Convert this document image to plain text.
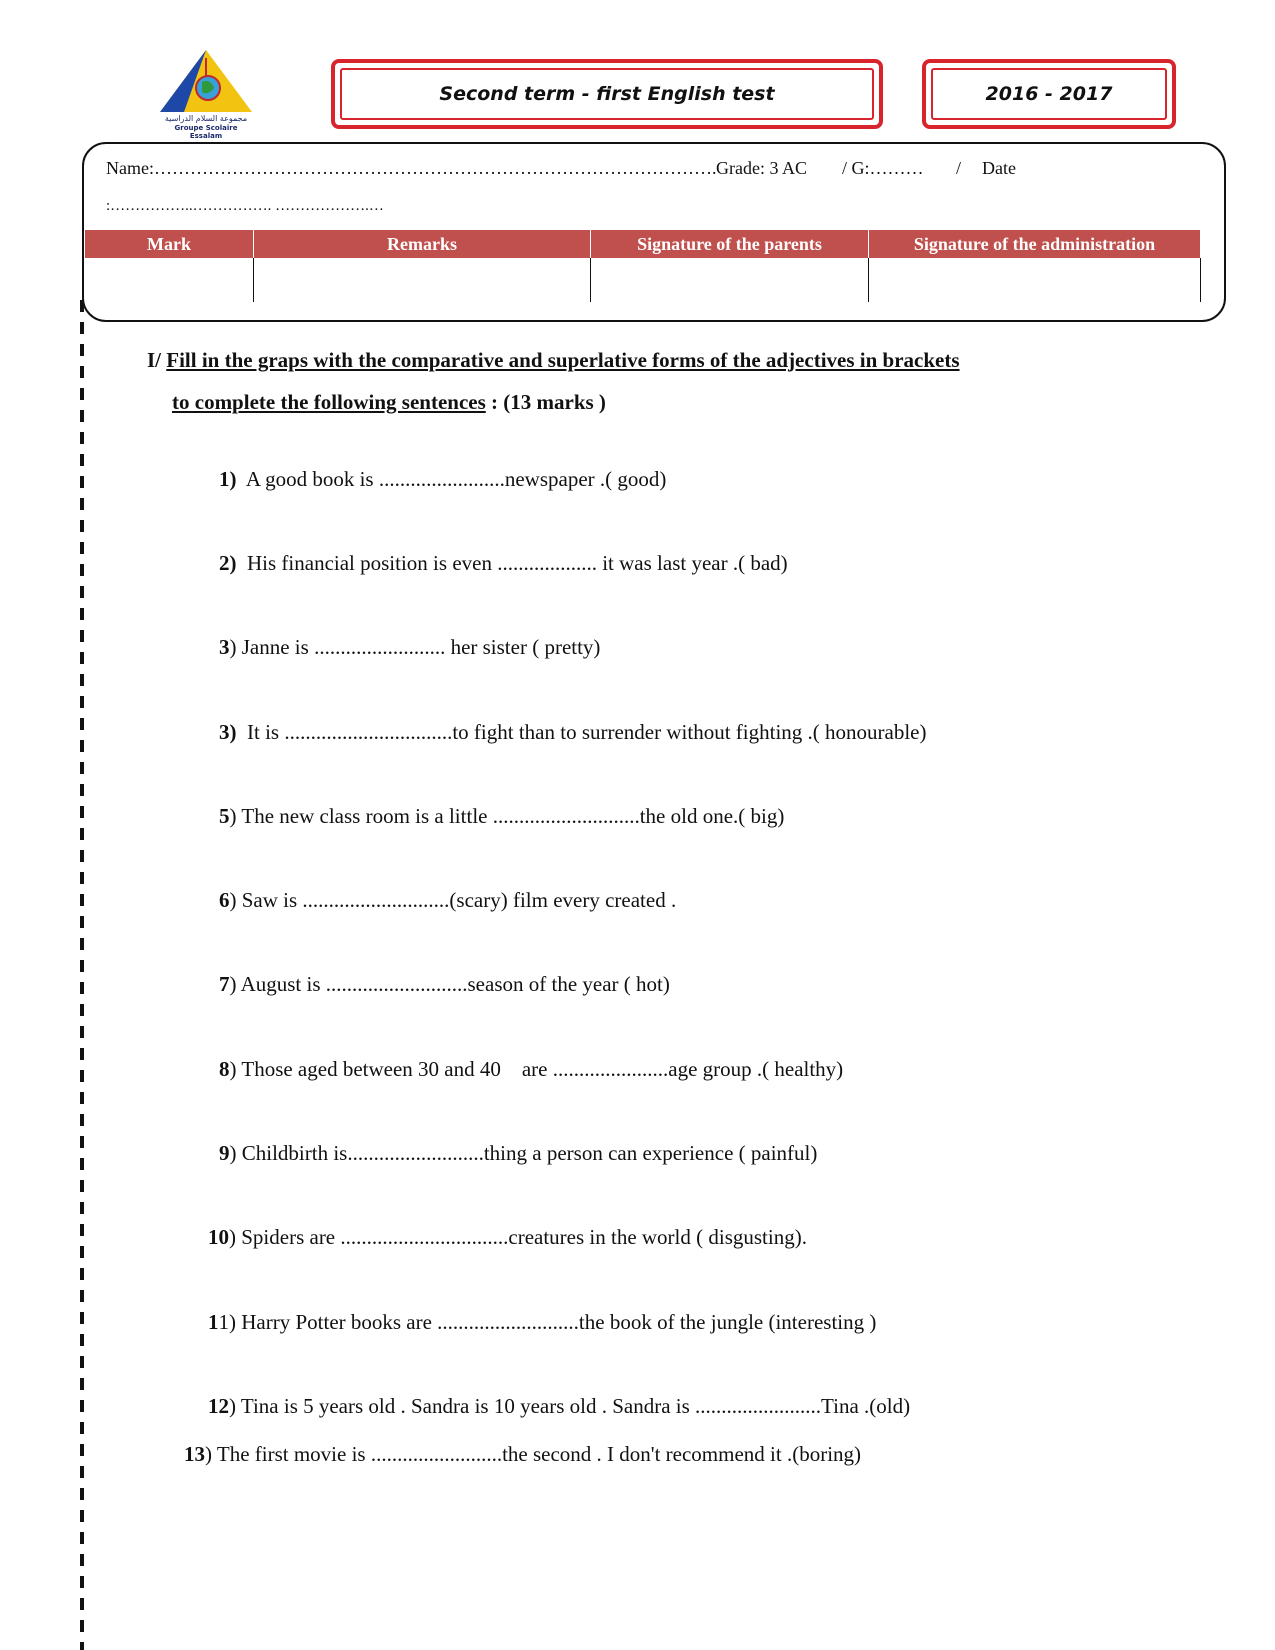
مجموعة السلام الدراسية
Groupe Scolaire Essalam
Second term - first English test	2016 - 2017
Name:…………………………………………………………………………………. Grade: 3 AC / G:……… / Date
:……………..……………. ……………….…
Mark	Remarks	Signature of the parents	Signature of the administration

I/ Fill in the graps with the comparative and superlative forms of the adjectives in brackets
to complete the following sentences : (13 marks )
1)  A good book is ........................newspaper .( good)
2)  His financial position is even ................... it was last year .( bad)
3) Janne is ......................... her sister ( pretty)
3)  It is ................................to fight than to surrender without fighting .( honourable)
5) The new class room is a little ............................the old one.( big)
6) Saw is ............................(scary) film every created .
7) August is ...........................season of the year ( hot)
8) Those aged between 30 and 40    are ......................age group .( healthy)
9) Childbirth is..........................thing a person can experience ( painful)
10) Spiders are ................................creatures in the world ( disgusting).
11) Harry Potter books are ...........................the book of the jungle (interesting )
12) Tina is 5 years old . Sandra is 10 years old . Sandra is ........................Tina .(old)
13) The first movie is .........................the second . I don't recommend it .(boring)
